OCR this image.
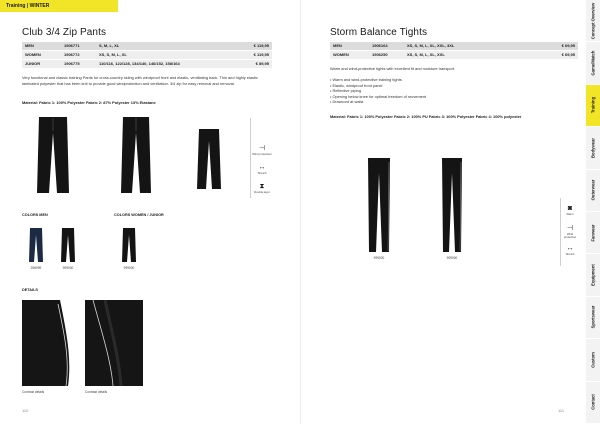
Training | WINTER
Club 3/4 Zip Pants
MEN	1906771	S, M, L, XL	€ 119,95
WOMEN	1906772	XS, S, M, L, XL	€ 119,95
JUNIOR	1906775	110/116, 122/128, 134/140, 146/152, 158/164	€ 89,95
Very functional and classic training Pants for cross-country skiing with windproof front and elastic, ventilating back. Thin and highly elastic laminated polyester that has been knit to provide good windprotection and ventilation. 3/4 zip for easy removal and removal.
Material: Fabric 1: 100% Polyester Fabric 2: 87% Polyester 13% Elastane
⊣
Wind protection
↔
Stretch
⧗
Double layer
COLORS MEN	COLORS WOMEN / JUNIOR
396999	999000	999000
DETAILS
Contrast details	Contrast details
110
Storm Balance Tights
MEN	1906164	XS, S, M, L, XL, XXL, 3XL	€ 69,95
WOMEN	1906250	XS, S, M, L, XL, XXL	€ 69,95
Warm and wind-protective tights with excellent fit and moisture transport.
• Warm and wind-protective training tights
• Elastic, windproof front panel
• Reflective piping
• Opening below knee for optimal freedom of movement
• Drawcord at waist
Material: Fabric 1: 100% Polyester Fabric 2: 100% PU Fabric 3: 100% Polyester Fabric 4: 100% polyester
999000	999000
◙
Warm
⊣
Wind protection
↔
Stretch
111
Concept Overview
Game/Match
Training
Bodywear
Outerwear
Fanwear
Equipment
Sportswear
Custom
Contact
